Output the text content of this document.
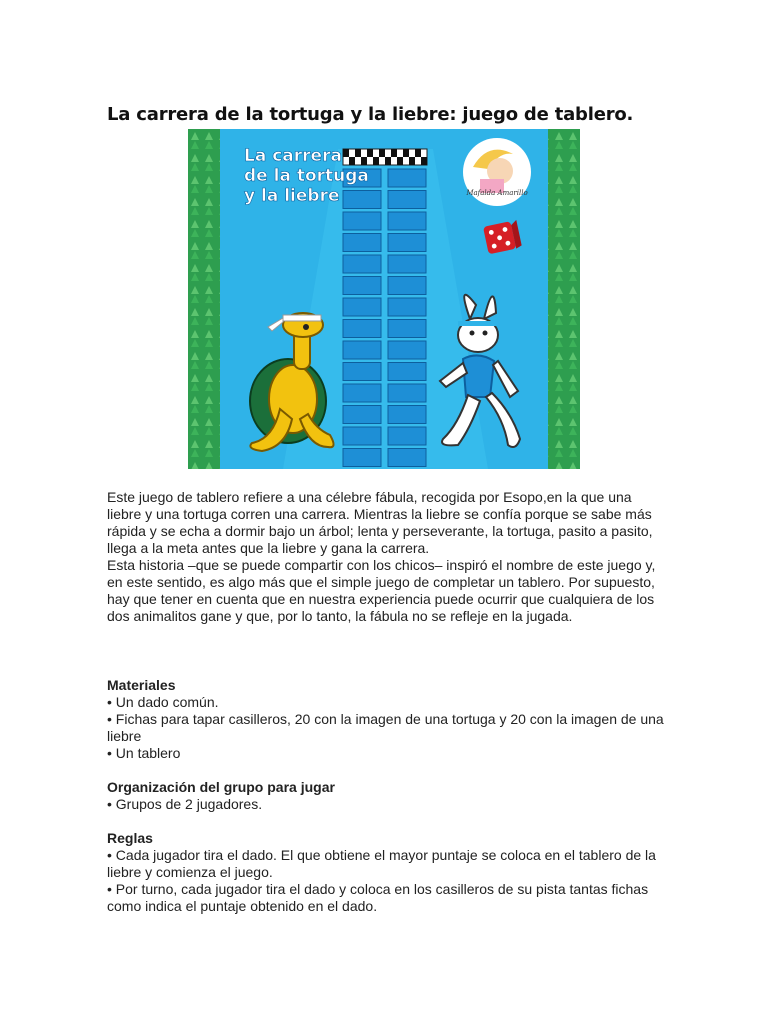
La carrera de la tortuga y la liebre: juego de tablero.
La carrera
de la tortuga
y la liebre	Mafalda Amarillo

Este juego de tablero refiere a una célebre fábula, recogida por Esopo,en la que una liebre y una tortuga corren una carrera. Mientras la liebre se confía porque se sabe más rápida y se echa a dormir bajo un árbol; lenta y perseverante, la tortuga, pasito a pasito, llega a la meta antes que la liebre y gana la carrera.

Esta historia –que se puede compartir con los chicos– inspiró el nombre de este juego y, en este sentido, es algo más que el simple juego de completar un tablero. Por supuesto, hay que tener en cuenta que en nuestra experiencia puede ocurrir que cualquiera de los dos animalitos gane y que, por lo tanto, la fábula no se refleje en la jugada.

Materiales

• Un dado común.

• Fichas para tapar casilleros, 20 con la imagen de una tortuga y 20 con la imagen de una liebre

• Un tablero

Organización del grupo para jugar

• Grupos de 2 jugadores.

Reglas

• Cada jugador tira el dado. El que obtiene el mayor puntaje se coloca en el tablero de la liebre y comienza el juego.

• Por turno, cada jugador tira el dado y coloca en los casilleros de su pista tantas fichas como indica el puntaje obtenido en el dado.
